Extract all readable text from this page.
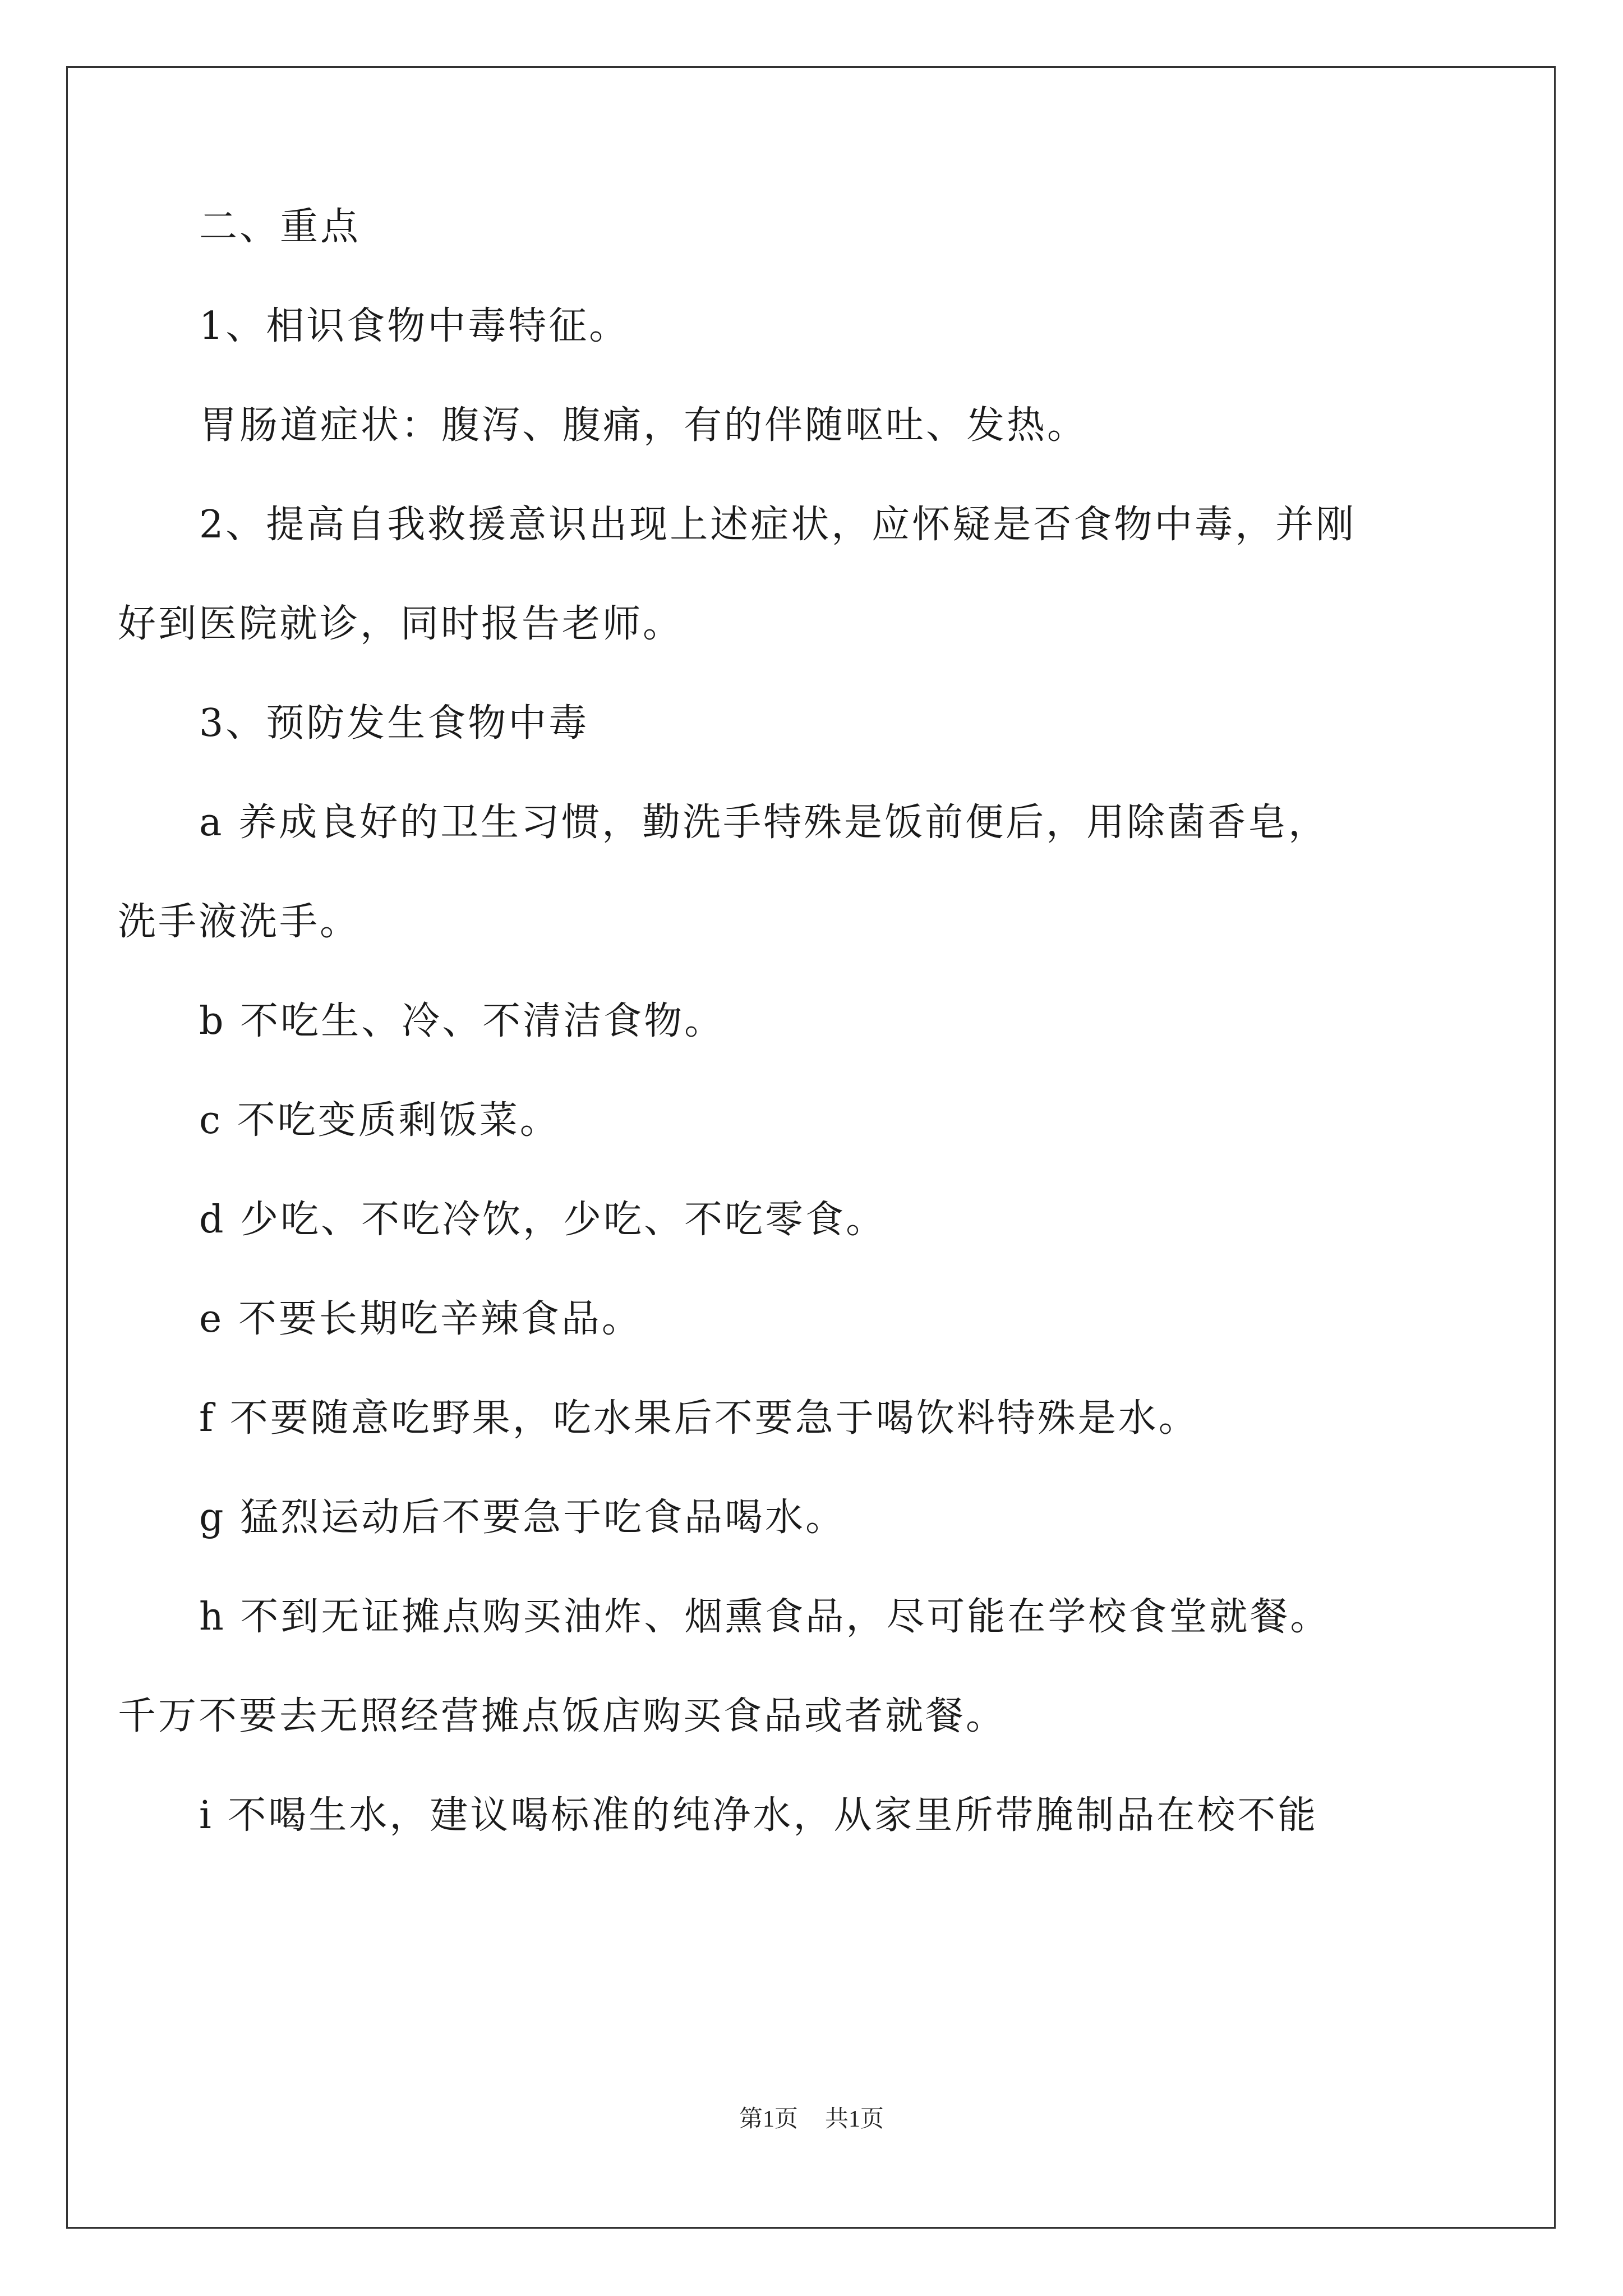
二、重点

1、相识食物中毒特征。

胃肠道症状：腹泻、腹痛，有的伴随呕吐、发热。

2、提高自我救援意识出现上述症状，应怀疑是否食物中毒，并刚

好到医院就诊，同时报告老师。

3、预防发生食物中毒

a 养成良好的卫生习惯，勤洗手特殊是饭前便后，用除菌香皂，

洗手液洗手。

b 不吃生、冷、不清洁食物。

c 不吃变质剩饭菜。

d 少吃、不吃冷饮，少吃、不吃零食。

e 不要长期吃辛辣食品。

f 不要随意吃野果，吃水果后不要急于喝饮料特殊是水。

g 猛烈运动后不要急于吃食品喝水。

h 不到无证摊点购买油炸、烟熏食品，尽可能在学校食堂就餐。

千万不要去无照经营摊点饭店购买食品或者就餐。

i 不喝生水，建议喝标准的纯净水，从家里所带腌制品在校不能

第1页 共1页
